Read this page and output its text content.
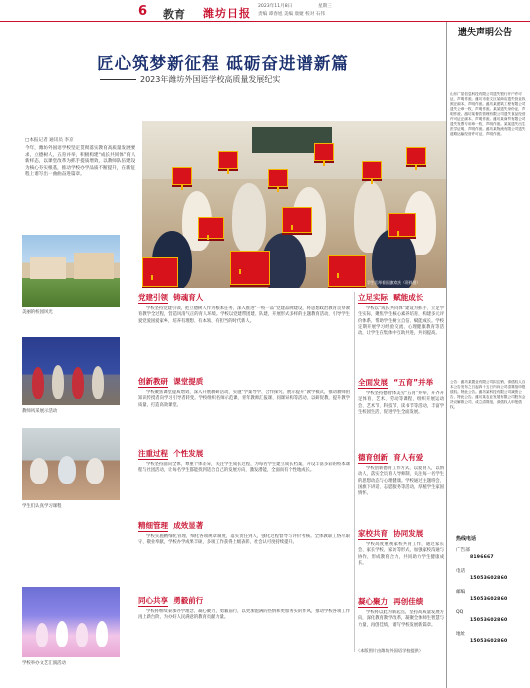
6 教育 潍坊日报
2023年11月8日	星期三
责编 谭春旭 美编 康婕 校对 石伟
匠心筑梦新征程 砥砺奋进谱新篇
2023年潍坊外国语学校高质量发展纪实
□本报记者 通讯员 李京
今年，潍坊外国语学校坚定贯彻落实教育高质量发展要求，立德树人，五育并举，积极构建“成长共同体”育人新样态，以课堂改革为抓手提质增效，以教师队伍建设为核心夯实根基，推动学校办学品质不断提升，在新征程上谱写出一曲曲奋进篇章。
学生们举着国旗欢庆（资料图）
美丽的校园风光
教师风采展示活动
学生们认真学习课程
学校举办文艺汇演活动
党建引领 铸魂育人
创新教研 课堂提质
注重过程 个性发展
精细管理 成效显著
同心共享 勇毅前行
立足实际 赋能成长
全面发展 “五育”并举
德育创新 育人有爱
家校共育 协同发展
凝心聚力 再创佳绩
学校坚持党建引领，把立德树人作为根本任务，深入推进“一校一品”党建品牌建设，将思想政治教育贯穿教育教学全过程，营造风清气正的育人环境。学校以党建带团建、队建，开展形式多样的主题教育活动，引导学生爱党爱国爱家乡，培养有理想、有本领、有担当的时代新人。
学校聚焦课堂提质增效，深入开展教研活动，实施“学案导学、合作探究、展示提升”教学模式，推动教师由知识传授者向学习引导者转变。学校组织名师示范课、青年教师汇报课、同课异构等活动，以研促教，提升教学质量，打造高效课堂。
学校坚持面向全体，尊重个体差异，关注学生成长过程，为每名学生建立成长档案，开设丰富多彩的校本课程与社团活动，让每名学生都能找到适合自己的发展方向，激发潜能，全面而有个性地成长。
学校实施精细化管理，细化各项规章制度，落实责任到人，强化过程督导与评价考核。全体教职工恪尽职守、敬业奉献，学校办学成果丰硕，多项工作获得上级表彰，社会认可度持续提升。
学校将继续秉承办学理念，凝心聚力，勇毅前行，以更加饱满的热情和更加务实的作风，推动学校各项工作再上新台阶，为办好人民满意的教育贡献力量。
学校以“成长共同体”建设为抓手，立足学生实际，聚焦学生核心素养培育，构建多元评价体系，帮助学生树立自信、赋能成长。学校定期开展学习经验交流、心理健康教育等活动，让学生在集体中互助共进，共同提高。
学校坚持德智体美劳“五育”并举，开齐开足体育、艺术、劳动等课程，组织开展运动会、艺术节、科技节、读书节等活动，丰富学生校园生活，促进学生全面发展。
学校创新德育工作方式，以爱育人，以情动人，落实全员育人导师制，关注每一名学生的思想动态与心理健康。学校通过主题班会、国旗下讲话、志愿服务等活动，厚植学生家国情怀。
学校高度重视家校共育工作，通过家长会、家长学校、家访等形式，加强家校沟通与协作，形成教育合力，共同助力学生健康成长。
学校将以此为新起点，坚持高质量发展方向，深化教育教学改革，凝聚全体师生智慧与力量，再创佳绩，谱写学校发展新篇章。
（本版图片由潍坊外国语学校提供）
遗失声明公告
山东广星信息科技有限公司遗失银行开户许可证，声明作废。潍坊市奎文区某商店遗失营业执照正副本，声明作废。潍坊某建筑工程有限公司遗失公章一枚，声明作废。某某遗失身份证，声明作废。潍坊某餐饮管理有限公司遗失食品经营许可证正副本，声明作废。潍坊某商贸有限公司遗失发票专用章一枚，声明作废。某某遗失出生医学证明，声明作废。潍坊某物流有限公司遗失道路运输经营许可证，声明作废。
公告：潍坊某置业有限公司拟注销，请债权人自本公告发布之日起四十五日内向公司清算组申报债权。特此公告。潍坊某科技有限公司减资公告，特此公告。潍坊某农业发展有限公司股东会决议解散公司，成立清算组，请债权人申报债权。
热线电话
广告部
8196667
电话
15053602860
邮编
15053602860
QQ
15053602860
地址
15053602860
